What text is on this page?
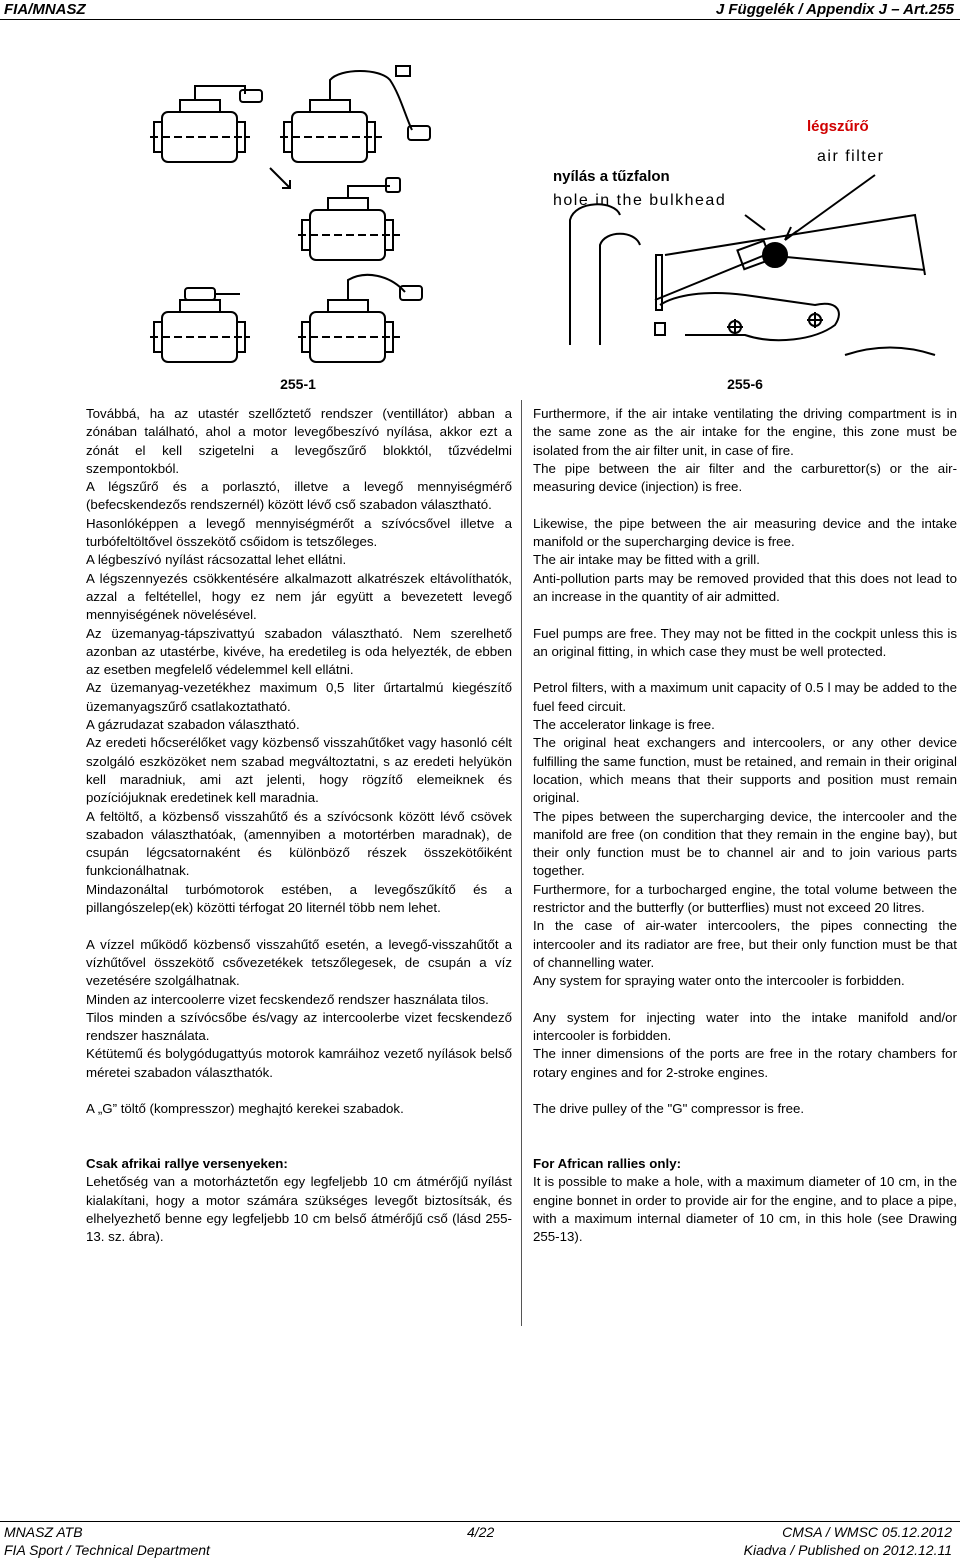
FIA/MNASZ	J Függelék / Appendix J – Art.255
légszűrő
air filter
nyílás a tűzfalon
hole in the bulkhead
255-1	255-6

Továbbá, ha az utastér szellőztető rendszer (ventillátor) abban a zónában található, ahol a motor levegőbeszívó nyílása, akkor ezt a zónát el kell szigetelni a levegőszűrő blokktól, tűzvédelmi szempontokból.

A légszűrő és a porlasztó, illetve a levegő mennyiségmérő (befecskendezős rendszernél) között lévő cső szabadon választható.

Hasonlóképpen a levegő mennyiségmérőt a szívócsővel illetve a turbófeltöltővel összekötő csőidom is tetszőleges.

A légbeszívó nyílást rácsozattal lehet ellátni.

A légszennyezés csökkentésére alkalmazott alkatrészek eltávolíthatók, azzal a feltétellel, hogy ez nem jár együtt a bevezetett levegő mennyiségének növelésével.

Az üzemanyag-tápszivattyú szabadon választható. Nem szerelhető azonban az utastérbe, kivéve, ha eredetileg is oda helyezték, de ebben az esetben megfelelő védelemmel kell ellátni.

Az üzemanyag-vezetékhez maximum 0,5 liter űrtartalmú kiegészítő üzemanyagszűrő csatlakoztatható.

A gázrudazat szabadon választható.

Az eredeti hőcserélőket vagy közbenső visszahűtőket vagy hasonló célt szolgáló eszközöket nem szabad megváltoztatni, s az eredeti helyükön kell maradniuk, ami azt jelenti, hogy rögzítő elemeiknek és pozíciójuknak eredetinek kell maradnia.

A feltöltő, a közbenső visszahűtő és a szívócsonk között lévő csövek szabadon választhatóak, (amennyiben a motortérben maradnak), de csupán légcsatornaként és különböző részek összekötőiként funkcionálhatnak.

Mindazonáltal turbómotorok estében, a levegőszűkítő és a pillangószelep(ek) közötti térfogat 20 liternél több nem lehet.

A vízzel működő közbenső visszahűtő esetén, a levegő-visszahűtőt a vízhűtővel összekötő csővezetékek tetszőlegesek, de csupán a víz vezetésére szolgálhatnak.

Minden az intercoolerre vizet fecskendező rendszer használata tilos.

Tilos minden a szívócsőbe és/vagy az intercoolerbe vizet fecskendező rendszer használata.

Kétütemű és bolygódugattyús motorok kamráihoz vezető nyílások belső méretei szabadon választhatók.

A „G” töltő (kompresszor) meghajtó kerekei szabadok.

Csak afrikai rallye versenyeken:

Lehetőség van a motorháztetőn egy legfeljebb 10 cm átmérőjű nyílást kialakítani, hogy a motor számára szükséges levegőt biztosítsák, és elhelyezhető benne egy legfeljebb 10 cm belső átmérőjű cső (lásd 255-13. sz. ábra).

Furthermore, if the air intake ventilating the driving compartment is in the same zone as the air intake for the engine, this zone must be isolated from the air filter unit, in case of fire.

The pipe between the air filter and the carburettor(s) or the air-measuring device (injection) is free.

Likewise, the pipe between the air measuring device and the intake manifold or the supercharging device is free.

The air intake may be fitted with a grill.

Anti-pollution parts may be removed provided that this does not lead to an increase in the quantity of air admitted.

Fuel pumps are free. They may not be fitted in the cockpit unless this is an original fitting, in which case they must be well protected.

Petrol filters, with a maximum unit capacity of 0.5 l may be added to the fuel feed circuit.

The accelerator linkage is free.

The original heat exchangers and intercoolers, or any other device fulfilling the same function, must be retained, and remain in their original location, which means that their supports and position must remain original.

The pipes between the supercharging device, the intercooler and the manifold are free (on condition that they remain in the engine bay), but their only function must be to channel air and to join various parts together.

Furthermore, for a turbocharged engine, the total volume between the restrictor and the butterfly (or butterflies) must not exceed 20 litres.

In the case of air-water intercoolers, the pipes connecting the intercooler and its radiator are free, but their only function must be that of channelling water.

Any system for spraying water onto the intercooler is forbidden.

Any system for injecting water into the intake manifold and/or intercooler is forbidden.

The inner dimensions of the ports are free in the rotary chambers for rotary engines and for 2-stroke engines.

The drive pulley of the "G" compressor is free.

For African rallies only:

It is possible to make a hole, with a maximum diameter of 10 cm, in the engine bonnet in order to provide air for the engine, and to place a pipe, with a maximum internal diameter of 10 cm, in this hole (see Drawing 255-13).

MNASZ ATB
FIA Sport / Technical Department
4/22	CMSA / WMSC 05.12.2012
Kiadva / Published on 2012.12.11
